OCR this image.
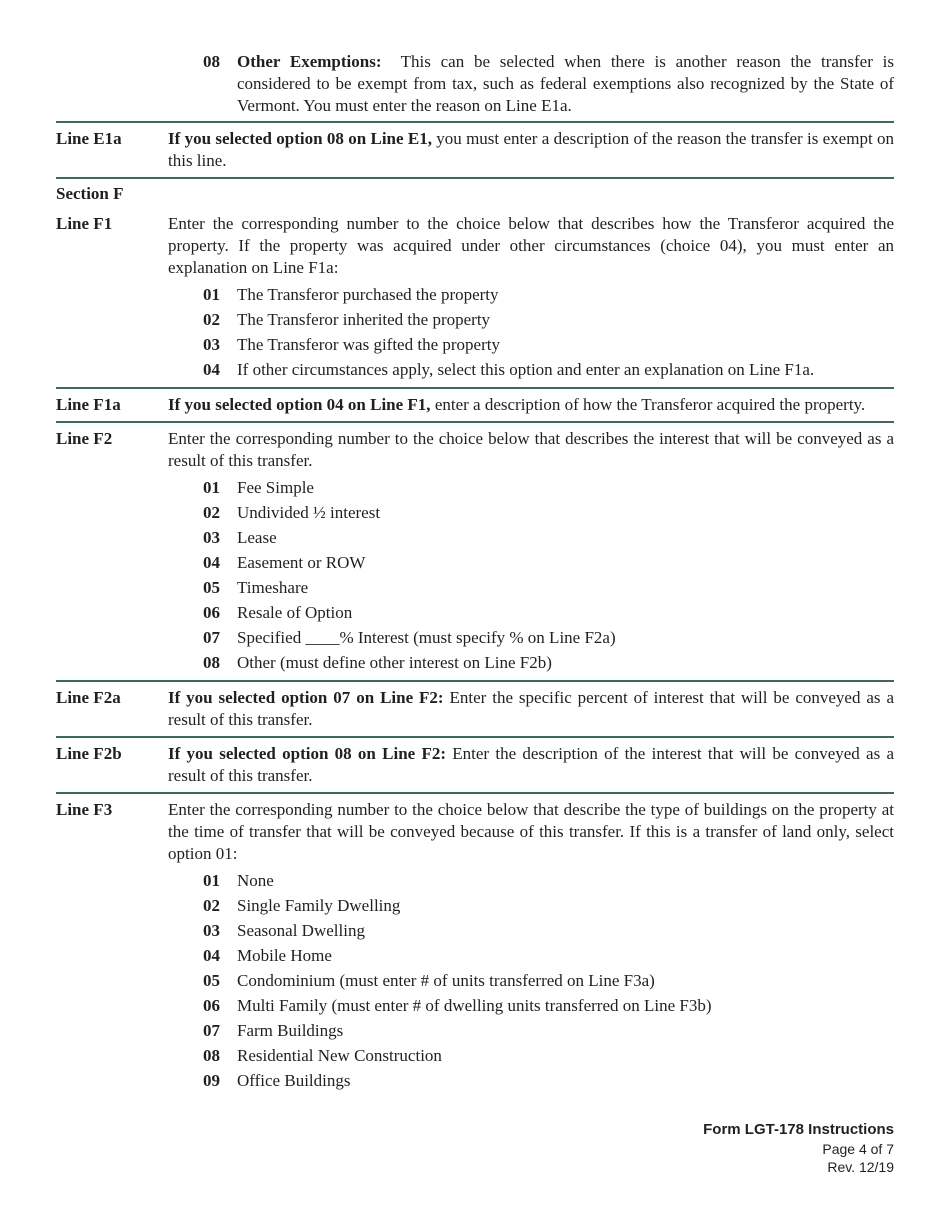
08	Other Exemptions: This can be selected when there is another reason the transfer is considered to be exempt from tax, such as federal exemptions also recognized by the State of Vermont. You must enter the reason on Line E1a.
Line E1a	If you selected option 08 on Line E1, you must enter a description of the reason the transfer is exempt on this line.
Section F
Line F1	Enter the corresponding number to the choice below that describes how the Transferor acquired the property. If the property was acquired under other circumstances (choice 04), you must enter an explanation on Line F1a:
01	The Transferor purchased the property
02	The Transferor inherited the property
03	The Transferor was gifted the property
04	If other circumstances apply, select this option and enter an explanation on Line F1a.
Line F1a	If you selected option 04 on Line F1, enter a description of how the Transferor acquired the property.
Line F2	Enter the corresponding number to the choice below that describes the interest that will be conveyed as a result of this transfer.
01	Fee Simple
02	Undivided ½ interest
03	Lease
04	Easement or ROW
05	Timeshare
06	Resale of Option
07	Specified ____% Interest (must specify % on Line F2a)
08	Other (must define other interest on Line F2b)
Line F2a	If you selected option 07 on Line F2: Enter the specific percent of interest that will be conveyed as a result of this transfer.
Line F2b	If you selected option 08 on Line F2: Enter the description of the interest that will be conveyed as a result of this transfer.
Line F3	Enter the corresponding number to the choice below that describe the type of buildings on the property at the time of transfer that will be conveyed because of this transfer. If this is a transfer of land only, select option 01:
01	None
02	Single Family Dwelling
03	Seasonal Dwelling
04	Mobile Home
05	Condominium (must enter # of units transferred on Line F3a)
06	Multi Family (must enter # of dwelling units transferred on Line F3b)
07	Farm Buildings
08	Residential New Construction
09	Office Buildings
Form LGT-178 Instructions
Page 4 of 7
Rev. 12/19
